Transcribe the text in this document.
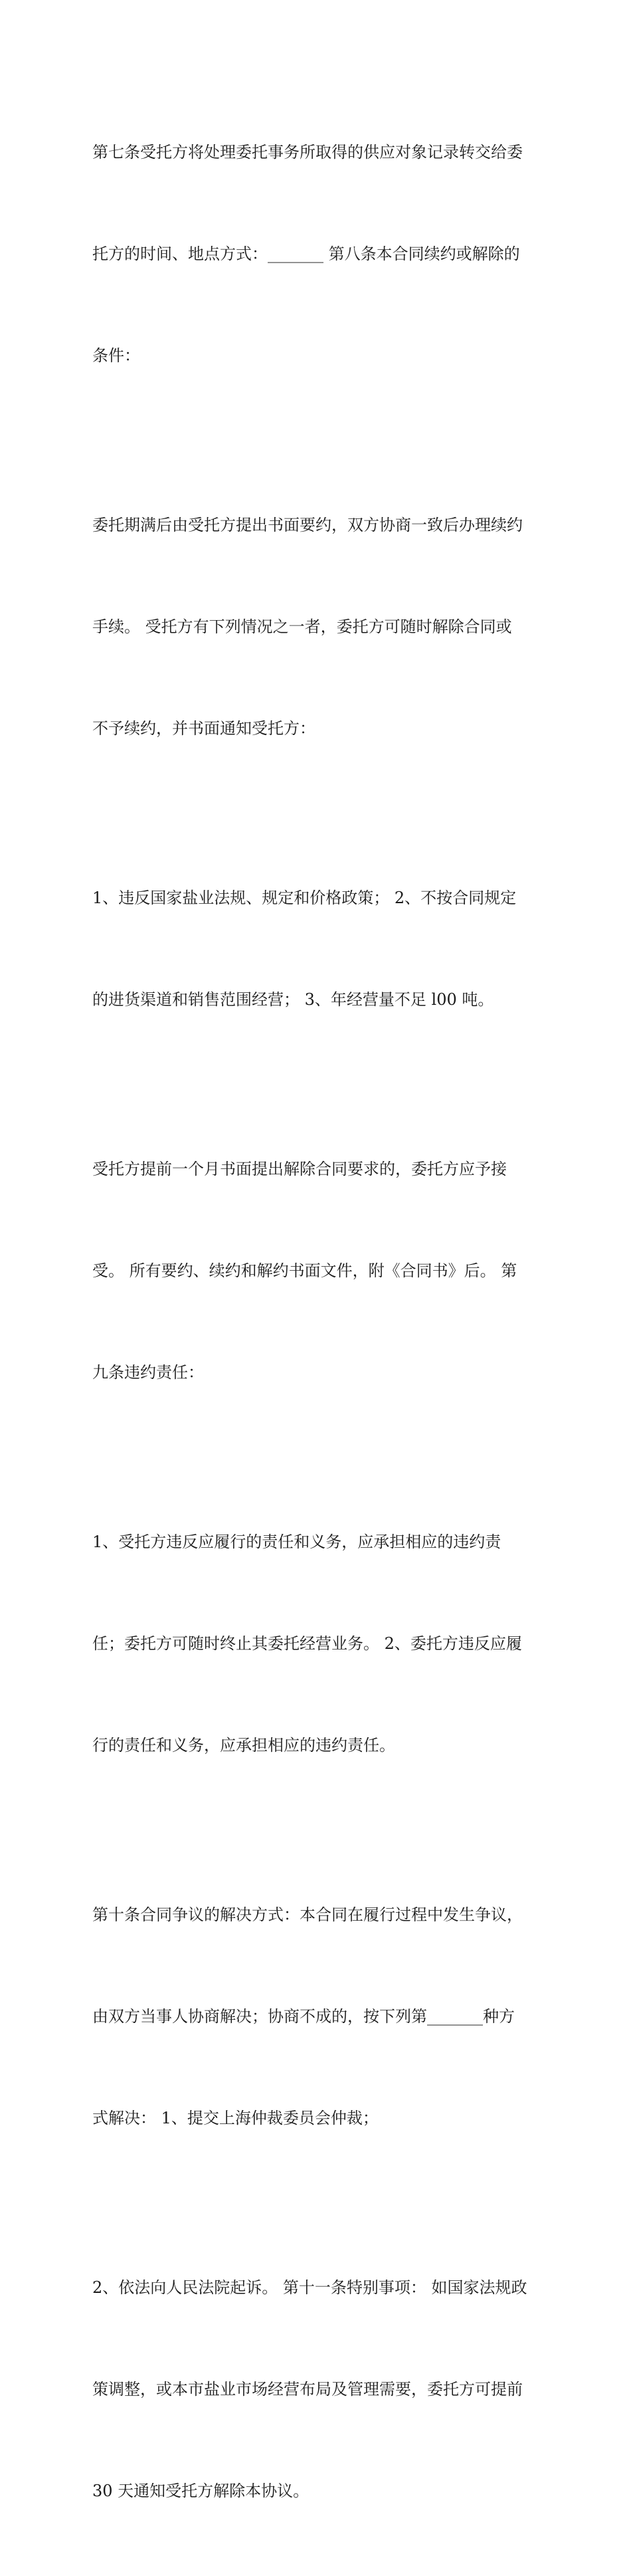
第七条受托方将处理委托事务所取得的供应对象记录转交给委

托方的时间、地点方式：_______ 第八条本合同续约或解除的

条件：

委托期满后由受托方提出书面要约，双方协商一致后办理续约

手续。 受托方有下列情况之一者，委托方可随时解除合同或

不予续约，并书面通知受托方：

1、违反国家盐业法规、规定和价格政策； 2、不按合同规定

的进货渠道和销售范围经营； 3、年经营量不足 l00 吨。

受托方提前一个月书面提出解除合同要求的，委托方应予接

受。 所有要约、续约和解约书面文件，附《合同书》后。 第

九条违约责任：

1、受托方违反应履行的责任和义务，应承担相应的违约责

任；委托方可随时终止其委托经营业务。 2、委托方违反应履

行的责任和义务，应承担相应的违约责任。

第十条合同争议的解决方式：本合同在履行过程中发生争议，

由双方当事人协商解决；协商不成的，按下列第_______种方

式解决： 1、提交上海仲裁委员会仲裁；

2、依法向人民法院起诉。 第十一条特别事项： 如国家法规政

策调整，或本市盐业市场经营布局及管理需要，委托方可提前

30 天通知受托方解除本协议。
